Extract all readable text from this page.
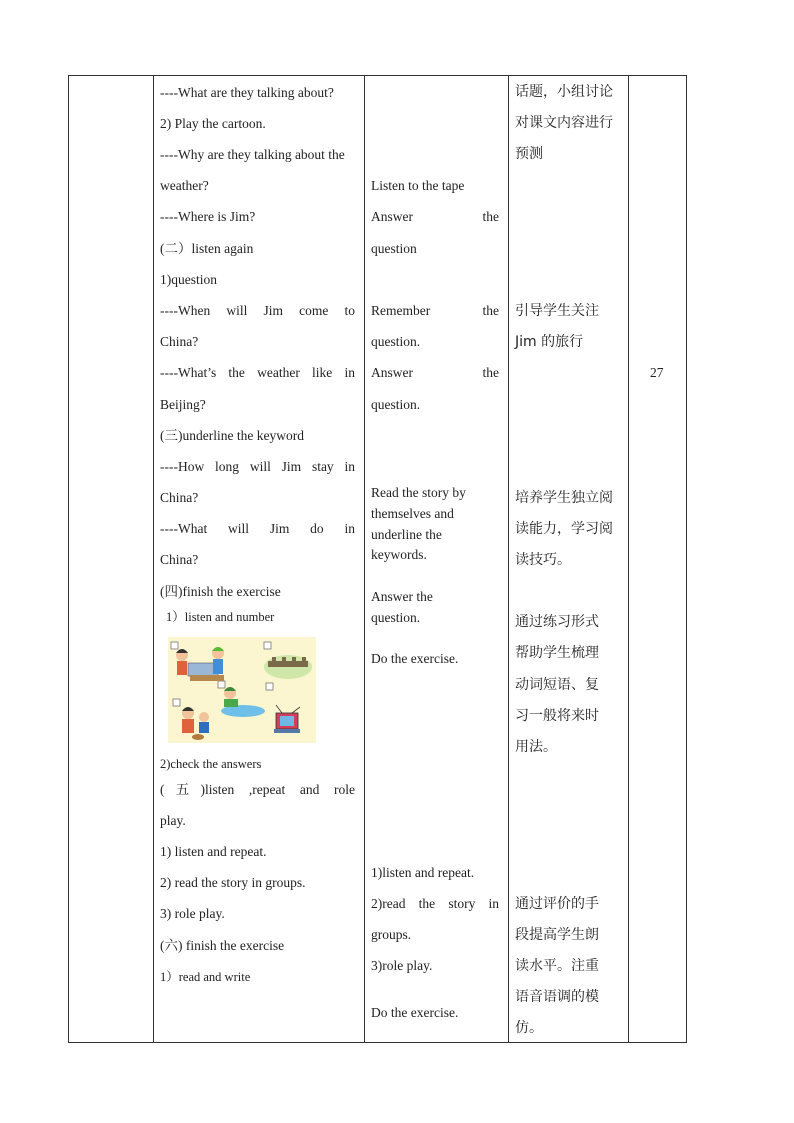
----What are they talking about?
2) Play the cartoon.
----Why are they talking about the
weather?
----Where is Jim?
(二）listen again
1)question
----When will Jim come to
China?
----What’s the weather like in
Beijing?
(三)underline the keyword
----How long will Jim stay in
China?
----What will Jim do in
China?
(四)finish the exercise
1）listen and number
2)check the answers
(五)listen ,repeat and role
play.
1) listen and repeat.
2) read the story in groups.
3) role play.
(六) finish the exercise
1）read and write
Listen to the tape
Answer the
question
Remember the
question.
Answer the
question.
Read the story by
themselves and
underline the
keywords.
Answer the
question.
Do the exercise.
1)listen and repeat.
2)read the story in
groups.
3)role play.
Do the exercise.
话题，小组讨论
对课文内容进行
预测
引导学生关注
Jim 的旅行
培养学生独立阅
读能力，学习阅
读技巧。
通过练习形式
帮助学生梳理
动词短语、复
习一般将来时
用法。
通过评价的手
段提高学生朗
读水平。注重
语音语调的模
仿。
27
